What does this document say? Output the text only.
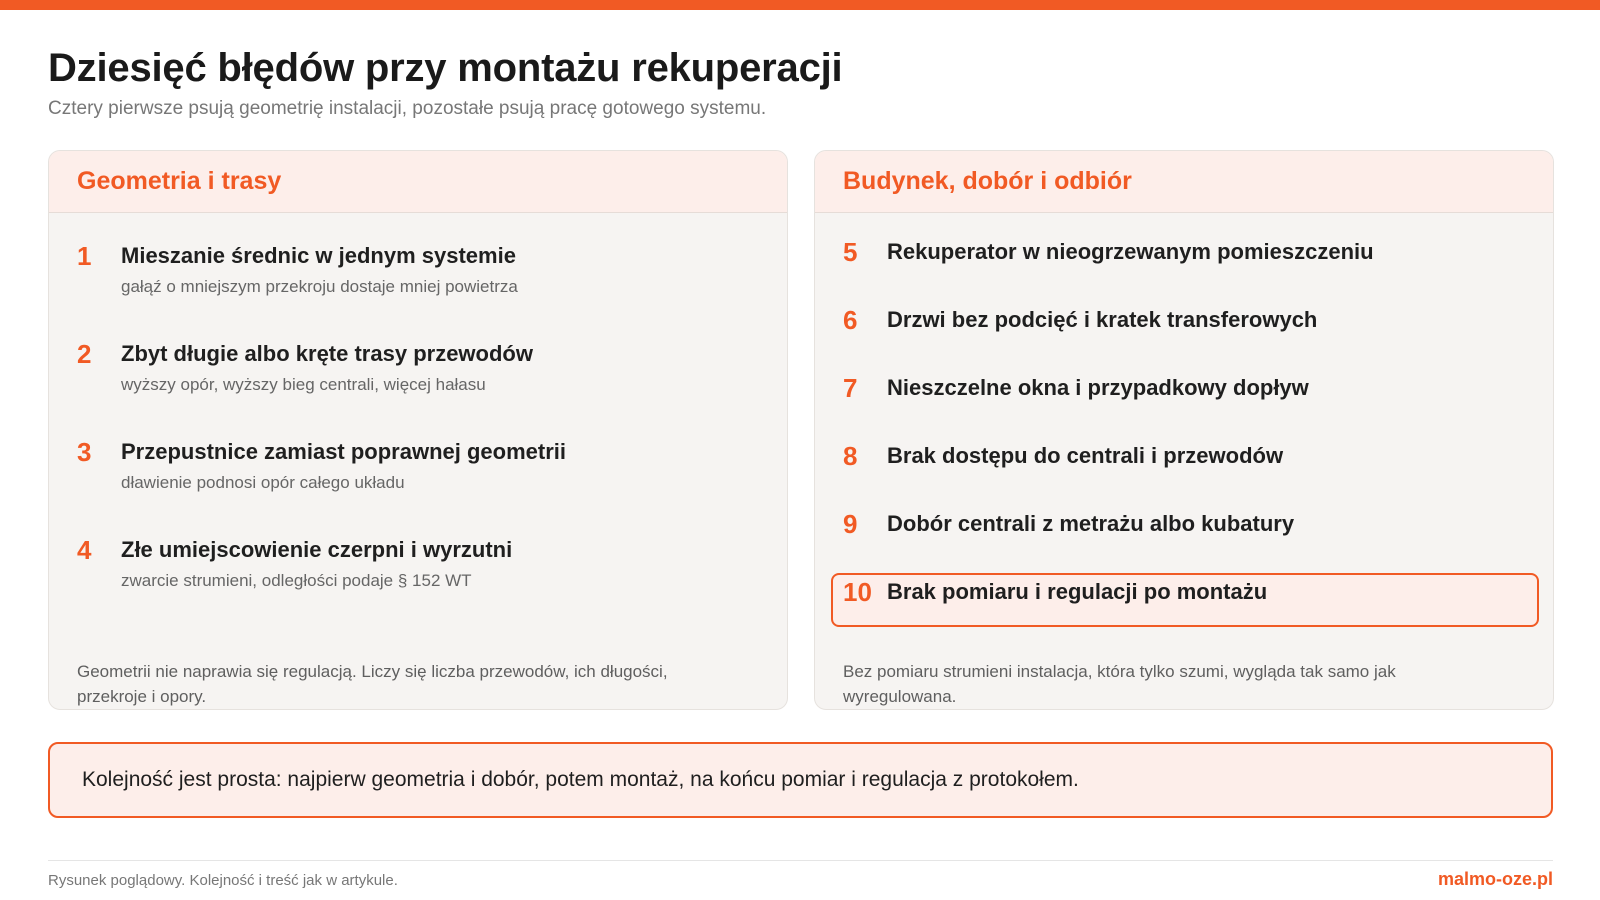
Dziesięć błędów przy montażu rekuperacji

Cztery pierwsze psują geometrię instalacji, pozostałe psują pracę gotowego systemu.

Geometria i trasy
1 Mieszanie średnic w jednym systemie
gałąź o mniejszym przekroju dostaje mniej powietrza
2 Zbyt długie albo kręte trasy przewodów
wyższy opór, wyższy bieg centrali, więcej hałasu
3 Przepustnice zamiast poprawnej geometrii
dławienie podnosi opór całego układu
4 Złe umiejscowienie czerpni i wyrzutni
zwarcie strumieni, odległości podaje § 152 WT

Geometrii nie naprawia się regulacją. Liczy się liczba przewodów, ich długości, przekroje i opory.

Budynek, dobór i odbiór
5 Rekuperator w nieogrzewanym pomieszczeniu
6 Drzwi bez podcięć i kratek transferowych
7 Nieszczelne okna i przypadkowy dopływ
8 Brak dostępu do centrali i przewodów
9 Dobór centrali z metrażu albo kubatury
10 Brak pomiaru i regulacji po montażu

Bez pomiaru strumieni instalacja, która tylko szumi, wygląda tak samo jak wyregulowana.

Kolejność jest prosta: najpierw geometria i dobór, potem montaż, na końcu pomiar i regulacja z protokołem.
Rysunek poglądowy. Kolejność i treść jak w artykule.	malmo-oze.pl
